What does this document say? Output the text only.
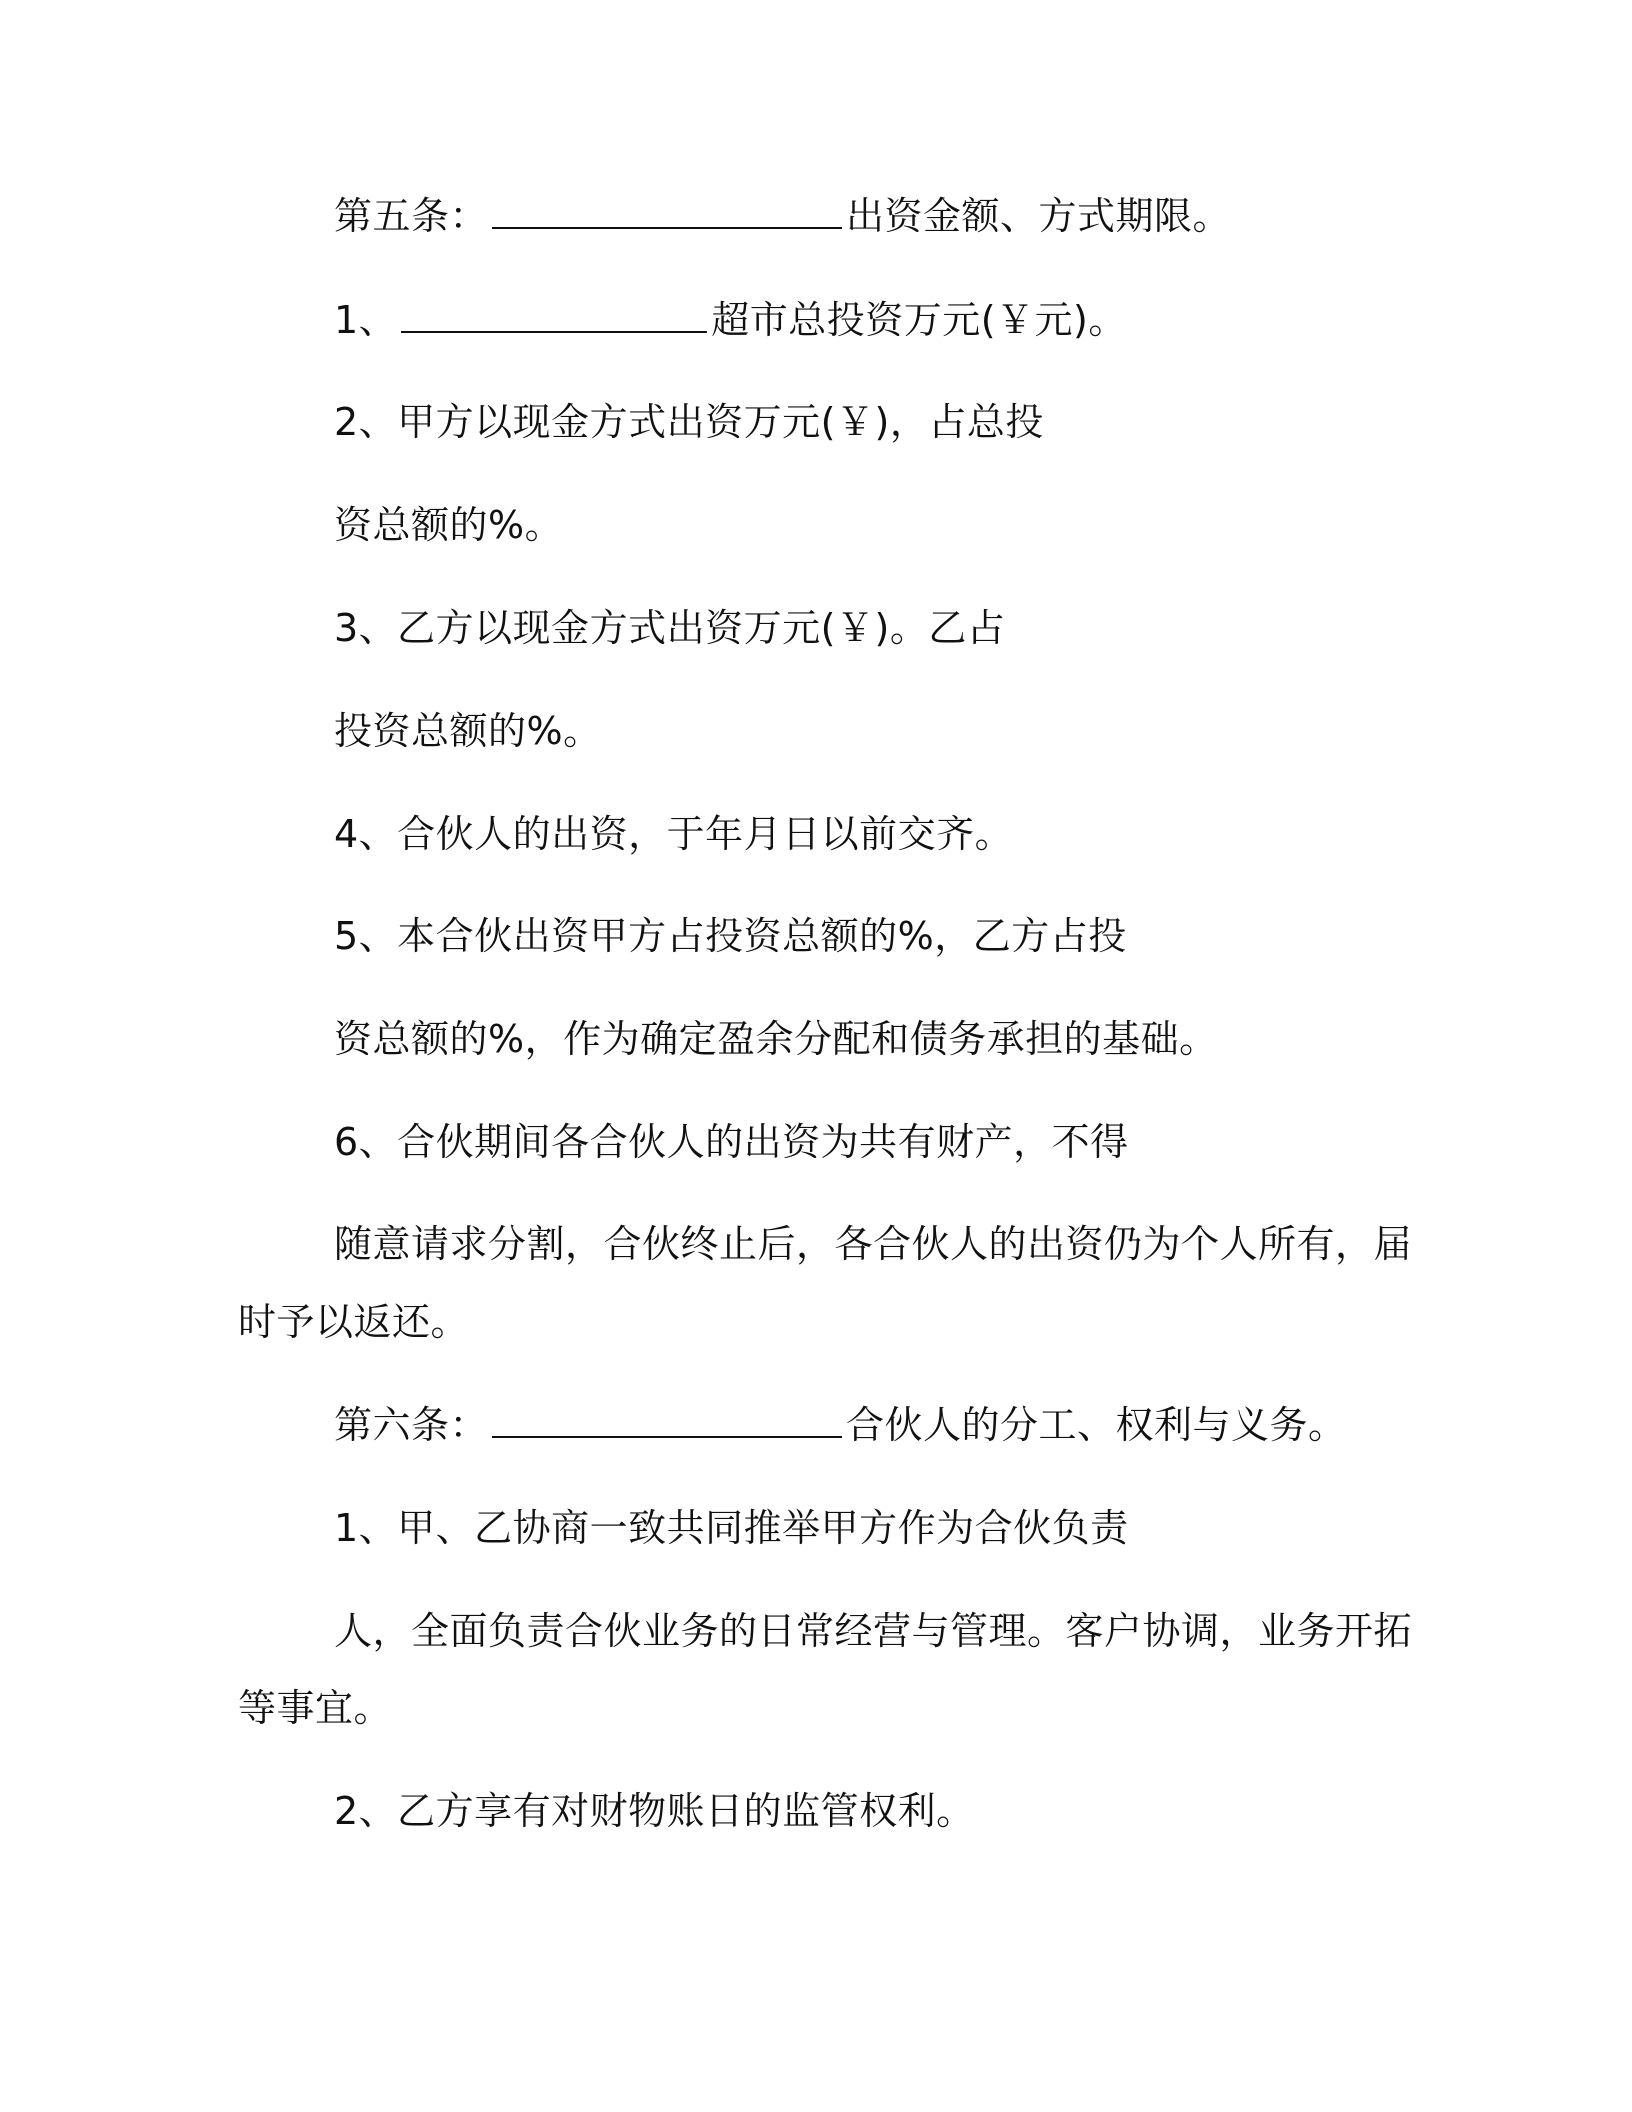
第五条：	出资金额、方式期限。

1、	超市总投资万元(￥元)。

2、甲方以现金方式出资万元(￥)，占总投

资总额的%。

3、乙方以现金方式出资万元(￥)。乙占

投资总额的%。

4、合伙人的出资，于年月日以前交齐。

5、本合伙出资甲方占投资总额的%，乙方占投

资总额的%，作为确定盈余分配和债务承担的基础。

6、合伙期间各合伙人的出资为共有财产，不得

随意请求分割，合伙终止后，各合伙人的出资仍为个人所有，届

时予以返还。

第六条：	合伙人的分工、权利与义务。

1、甲、乙协商一致共同推举甲方作为合伙负责

人，全面负责合伙业务的日常经营与管理。客户协调，业务开拓

等事宜。

2、乙方享有对财物账日的监管权利。
